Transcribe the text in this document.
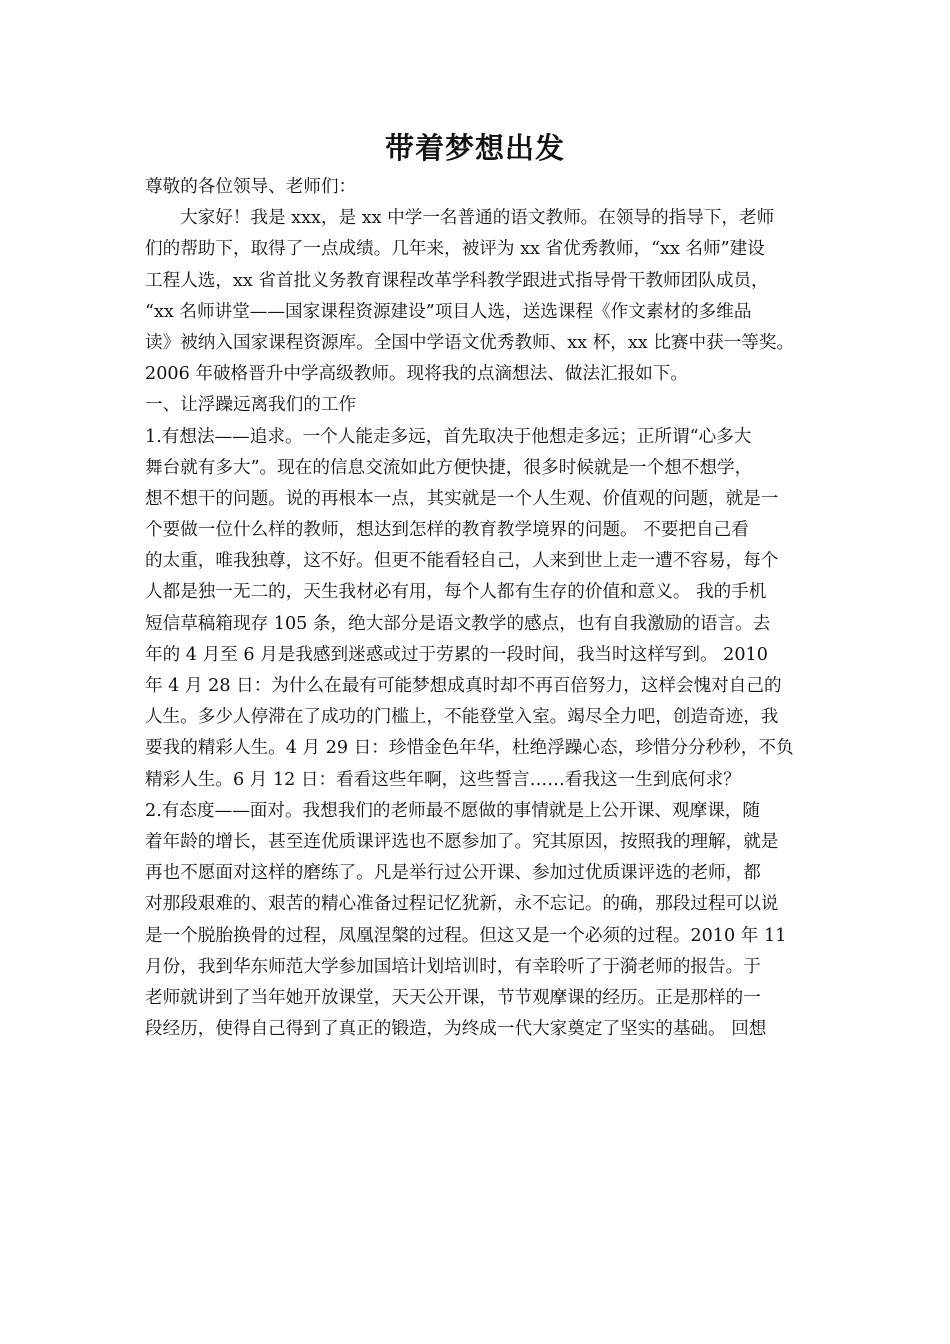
带着梦想出发
尊敬的各位领导、老师们：
大家好！我是 xxx，是 xx 中学一名普通的语文教师。在领导的指导下，老师
们的帮助下，取得了一点成绩。几年来，被评为 xx 省优秀教师，“xx 名师”建设
工程人选，xx 省首批义务教育课程改革学科教学跟进式指导骨干教师团队成员，
“xx 名师讲堂——国家课程资源建设”项目人选，送选课程《作文素材的多维品
读》被纳入国家课程资源库。全国中学语文优秀教师、xx 杯，xx 比赛中获一等奖。
2006 年破格晋升中学高级教师。现将我的点滴想法、做法汇报如下。
一、让浮躁远离我们的工作
1.有想法——追求。一个人能走多远，首先取决于他想走多远；正所谓“心多大
舞台就有多大”。现在的信息交流如此方便快捷，很多时候就是一个想不想学，
想不想干的问题。说的再根本一点，其实就是一个人生观、价值观的问题，就是一
个要做一位什么样的教师，想达到怎样的教育教学境界的问题。 不要把自己看
的太重，唯我独尊，这不好。但更不能看轻自己，人来到世上走一遭不容易，每个
人都是独一无二的，天生我材必有用，每个人都有生存的价值和意义。 我的手机
短信草稿箱现存 105 条，绝大部分是语文教学的感点，也有自我激励的语言。去
年的 4 月至 6 月是我感到迷惑或过于劳累的一段时间，我当时这样写到。 2010
年 4 月 28 日：为什么在最有可能梦想成真时却不再百倍努力，这样会愧对自己的
人生。多少人停滞在了成功的门槛上，不能登堂入室。竭尽全力吧，创造奇迹，我
要我的精彩人生。4 月 29 日：珍惜金色年华，杜绝浮躁心态，珍惜分分秒秒，不负
精彩人生。6 月 12 日：看看这些年啊，这些誓言……看我这一生到底何求？
2.有态度——面对。我想我们的老师最不愿做的事情就是上公开课、观摩课，随
着年龄的增长，甚至连优质课评选也不愿参加了。究其原因，按照我的理解，就是
再也不愿面对这样的磨练了。凡是举行过公开课、参加过优质课评选的老师，都
对那段艰难的、艰苦的精心准备过程记忆犹新，永不忘记。的确，那段过程可以说
是一个脱胎换骨的过程，凤凰涅槃的过程。但这又是一个必须的过程。2010 年 11
月份，我到华东师范大学参加国培计划培训时，有幸聆听了于漪老师的报告。于
老师就讲到了当年她开放课堂，天天公开课，节节观摩课的经历。正是那样的一
段经历，使得自己得到了真正的锻造，为终成一代大家奠定了坚实的基础。 回想
